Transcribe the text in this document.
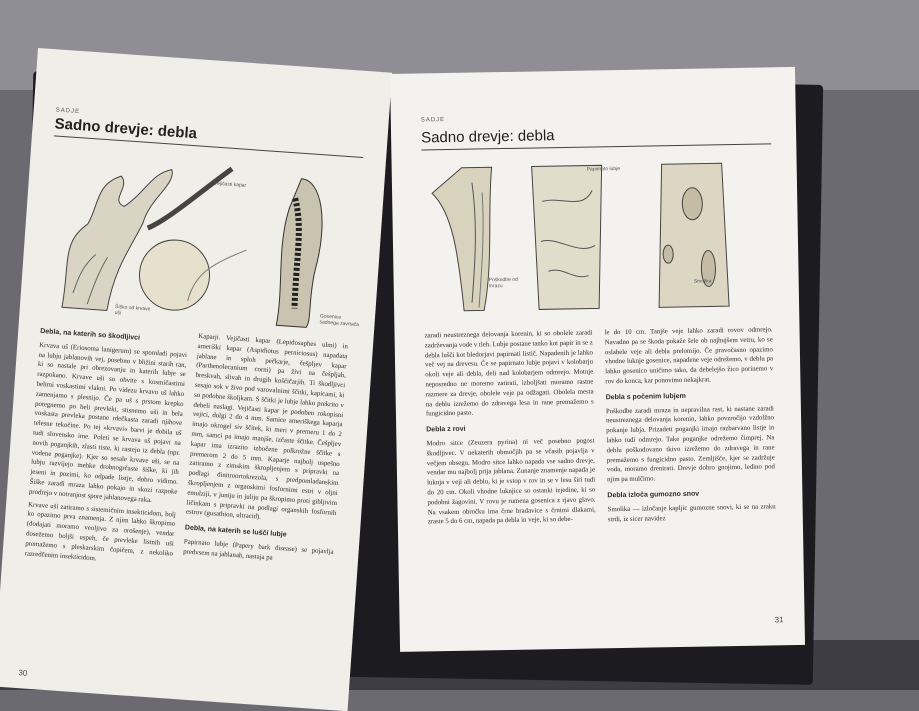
SADJE
Sadno drevje: debla
Šiško od krvave uši
Vejičasti kapar
Gosenice sadnega zavrtača
Debla, na katerih so škodljivci

Krvava uš (Eriosoma lanigerum) se spomladi pojavi na lubju jablanovih vej, posebno v bližini starih ran, ki so nastale pri obrezovanju in katerih lubje se razpokano. Krvave uši so obvite s kosmičastimi belimi voskastimi vlakni. Po videzu krvavo uš lahko zamenjamo s plesnijo. Če pa uš s prstom krepko potegnemo po beli prevleki, stisnemo uši in bela voskasta prevleka postane rdečkasta zaradi njihove telesne tekočine. Po tej »krvavi« barvi je dobila uš tudi slovensko ime. Poleti se krvava uš pojavi na novih poganjkih, zlasti tiste, ki rastejo iz debla (npr. vodene poganjke). Kjer so sesale krvave uši, se na lubju razvijejo mehke drobnogrčaste šiške, ki jih jeseni in pozimi, ko odpade listje, dobro vidimo. Šiške zaradi mraza lahko pokajo in skozi razpoke prodrejo v notranjost spore jablanovega raka.

Krvave uši zatiramo s sistemičnim insekticidom, bolj ko opazimo prva znamenja. Z njim lahko škropimo (dodajati moramo veoljivo za orošenje), vendar dosežemo boljši uspeh, če prevleke listnih uši premažemo s pleskarskim čopičem, z nekoliko razredčenim insekticidom.

Kaparji. Vejičasti kapar (Lepidosaphes ulmi) in ameriški kapar (Aspidiotus perniciosus) napadata jablane in sploh pečkarje, češpljev kapar (Parthenolecanium corni) pa živi na češpljah, breskvah, slivah in drugih koščičarjih. Ti škodljivci sesajo sok v živo pod varovalnimi ščitki, kapicami, ki so podobne školjkam. S ščitki je lubje lahko prekrito v debeli naslagi. Vejičasti kapar je podoben rokopisni vejici, dolgi 2 do 4 mm. Samice ameriškega kaparja imajo okrogel siv ščitek, ki meri v premeru 1 do 2 mm, samci pa imajo manjše, izčaste ščitke. Češpljev kapar ima izrazito izbočene polkrožne ščitke s premerom 2 do 5 mm. Kaparje najbolj uspešno zatiramo z zimskim škropljenjem s pripravki na podlagi dinitroortokrezola, s predpomladanskim škropljenjem z organskimi fosfornimi estri v oljni emulziji, v juniju in juliju pa škropimo proti gibljivim ličinkam s pripravki na podlagi organskih fosfornih estrov (gusathion, ultracid).

Debla, na katerih se luščí lubje

Papirnato lubje (Papery bark disease) se pojavlja predvsem na jablanah, nastaja pa

30
SADJE
Sadno drevje: debla
Poškodbe od mrazu
Papirnato lubje
Smolika

zaradi neustreznega delovanja korenin, ki so obolele zaradi zadrževanja vode v tleh. Lubje postane tanko kot papir in se z debla lušči kot bledorjavi papirnati listič. Napadenih je lahko več vej na drevesu. Če se papirnato lubje pojavi v kolobarju okoli veje ali debla, deli nad kolobarjem odmrejo. Motnje neposredno ne moremo zatirati, izboljšati moramo rastne razmere za drevje, obolele veje pa odžagati. Obolela mesta na deblu izrežemo do zdravega lesa in rane premažemo s fungicidno pasto.

Debla z rovi

Modro sitce (Zeuzera pyrina) ni več posebno pogost škodljivec. V nekaterih območjih pa se včasih pojavlja v večjem obsegu. Modro sitce lahko napada vse sadno drevje, vendar mu najbolj prija jablana. Zunanje znamenje napada je luknja v veji ali deblu, ki je vstop v rov in se v lesu širi tudi do 20 cm. Okoli vhodne luknjice so ostanki izjedine, ki so podobni žagovini. V rovu je rumena gosenica z rjavo glavo. Na vsakem obročku ima črne bradavice s črnimi dlakami, zraste 5 do 6 cm, napada pa debla in veje, ki so debe-

le do 10 cm. Tanjše veje lahko zaradi rovov odmrejo. Navadno pa se škoda pokaže šele ob najhujšem vetru, ko se oslabele veje ali debla prelomijo. Če pravočasno opazimo vhodne luknje gosenice, napadene veje odrežemo, v deblu pa lahko gosenico uničimo tako, da debelejšo žico porinemo v rov do konca, kar ponovimo nekajkrat.

Debla s počenim lubjem

Poškodbe zaradi mraza in nepravilna rast, ki nastane zaradi neustreznega delovanja korenin, lahko povzročijo vzdolžno pokanje lubja. Prizadeti poganjki imajo razbarvano listje in lahko tudi odmrejo. Take poganjke odrežemo čimprej. Na deblu poškodovano tkivo izrežemo do zdravega in rane premažemo s fungicidno pasto. Zemljišče, kjer se zadržuje voda, moramo drenirati. Drevje dobro gnojimo, ledino pod njim pa mulčimo.

Debla izloča gumozno snov

Smolika — izločanje kapljic gumozne snovi, ki se na zraku strdi, iz sicer navidez

31
